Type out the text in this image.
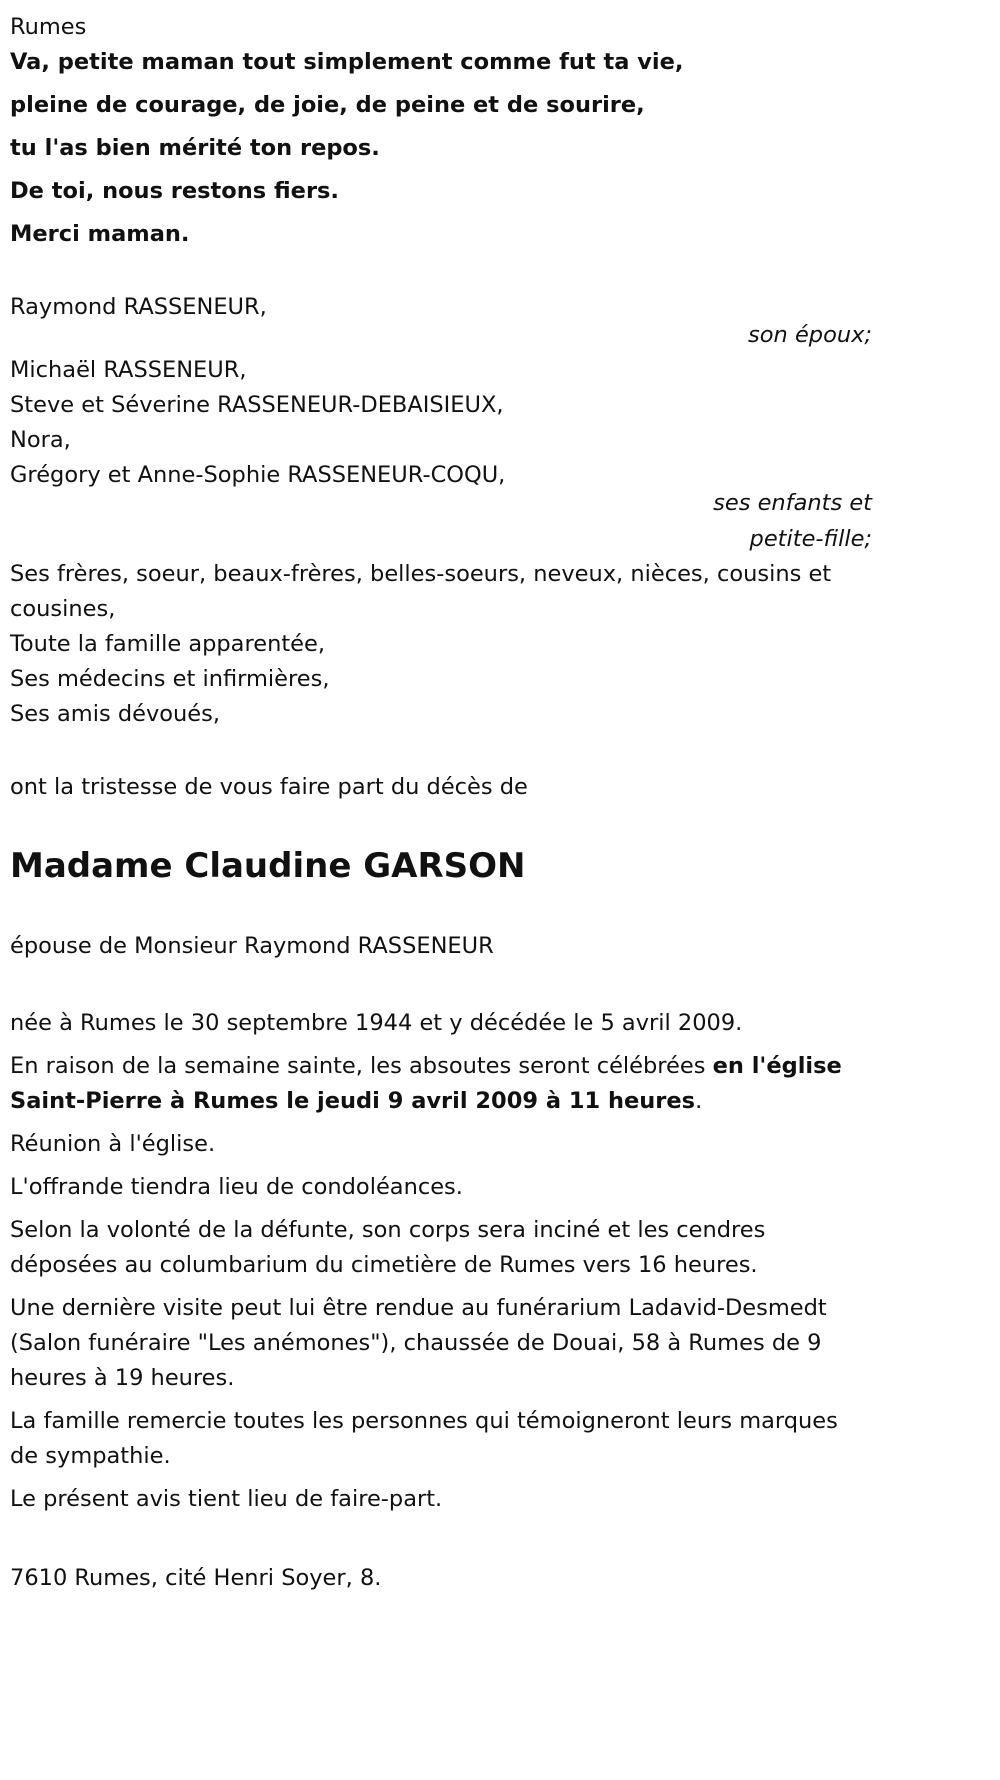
Rumes
Va, petite maman tout simplement comme fut ta vie,
pleine de courage, de joie, de peine et de sourire,
tu l'as bien mérité ton repos.
De toi, nous restons fiers.
Merci maman.
Raymond RASSENEUR,
son époux;
Michaël RASSENEUR,
Steve et Séverine RASSENEUR-DEBAISIEUX,
Nora,
Grégory et Anne-Sophie RASSENEUR-COQU,
ses enfants et
petite-fille;
Ses frères, soeur, beaux-frères, belles-soeurs, neveux, nièces, cousins et cousines,
Toute la famille apparentée,
Ses médecins et infirmières,
Ses amis dévoués,
ont la tristesse de vous faire part du décès de
Madame Claudine GARSON
épouse de Monsieur Raymond RASSENEUR
née à Rumes le 30 septembre 1944 et y décédée le 5 avril 2009.
En raison de la semaine sainte, les absoutes seront célébrées en l'église Saint-Pierre à Rumes le jeudi 9 avril 2009 à 11 heures.
Réunion à l'église.
L'offrande tiendra lieu de condoléances.
Selon la volonté de la défunte, son corps sera inciné et les cendres déposées au columbarium du cimetière de Rumes vers 16 heures.
Une dernière visite peut lui être rendue au funérarium Ladavid-Desmedt (Salon funéraire "Les anémones"), chaussée de Douai, 58 à Rumes de 9 heures à 19 heures.
La famille remercie toutes les personnes qui témoigneront leurs marques de sympathie.
Le présent avis tient lieu de faire-part.
7610 Rumes, cité Henri Soyer, 8.
